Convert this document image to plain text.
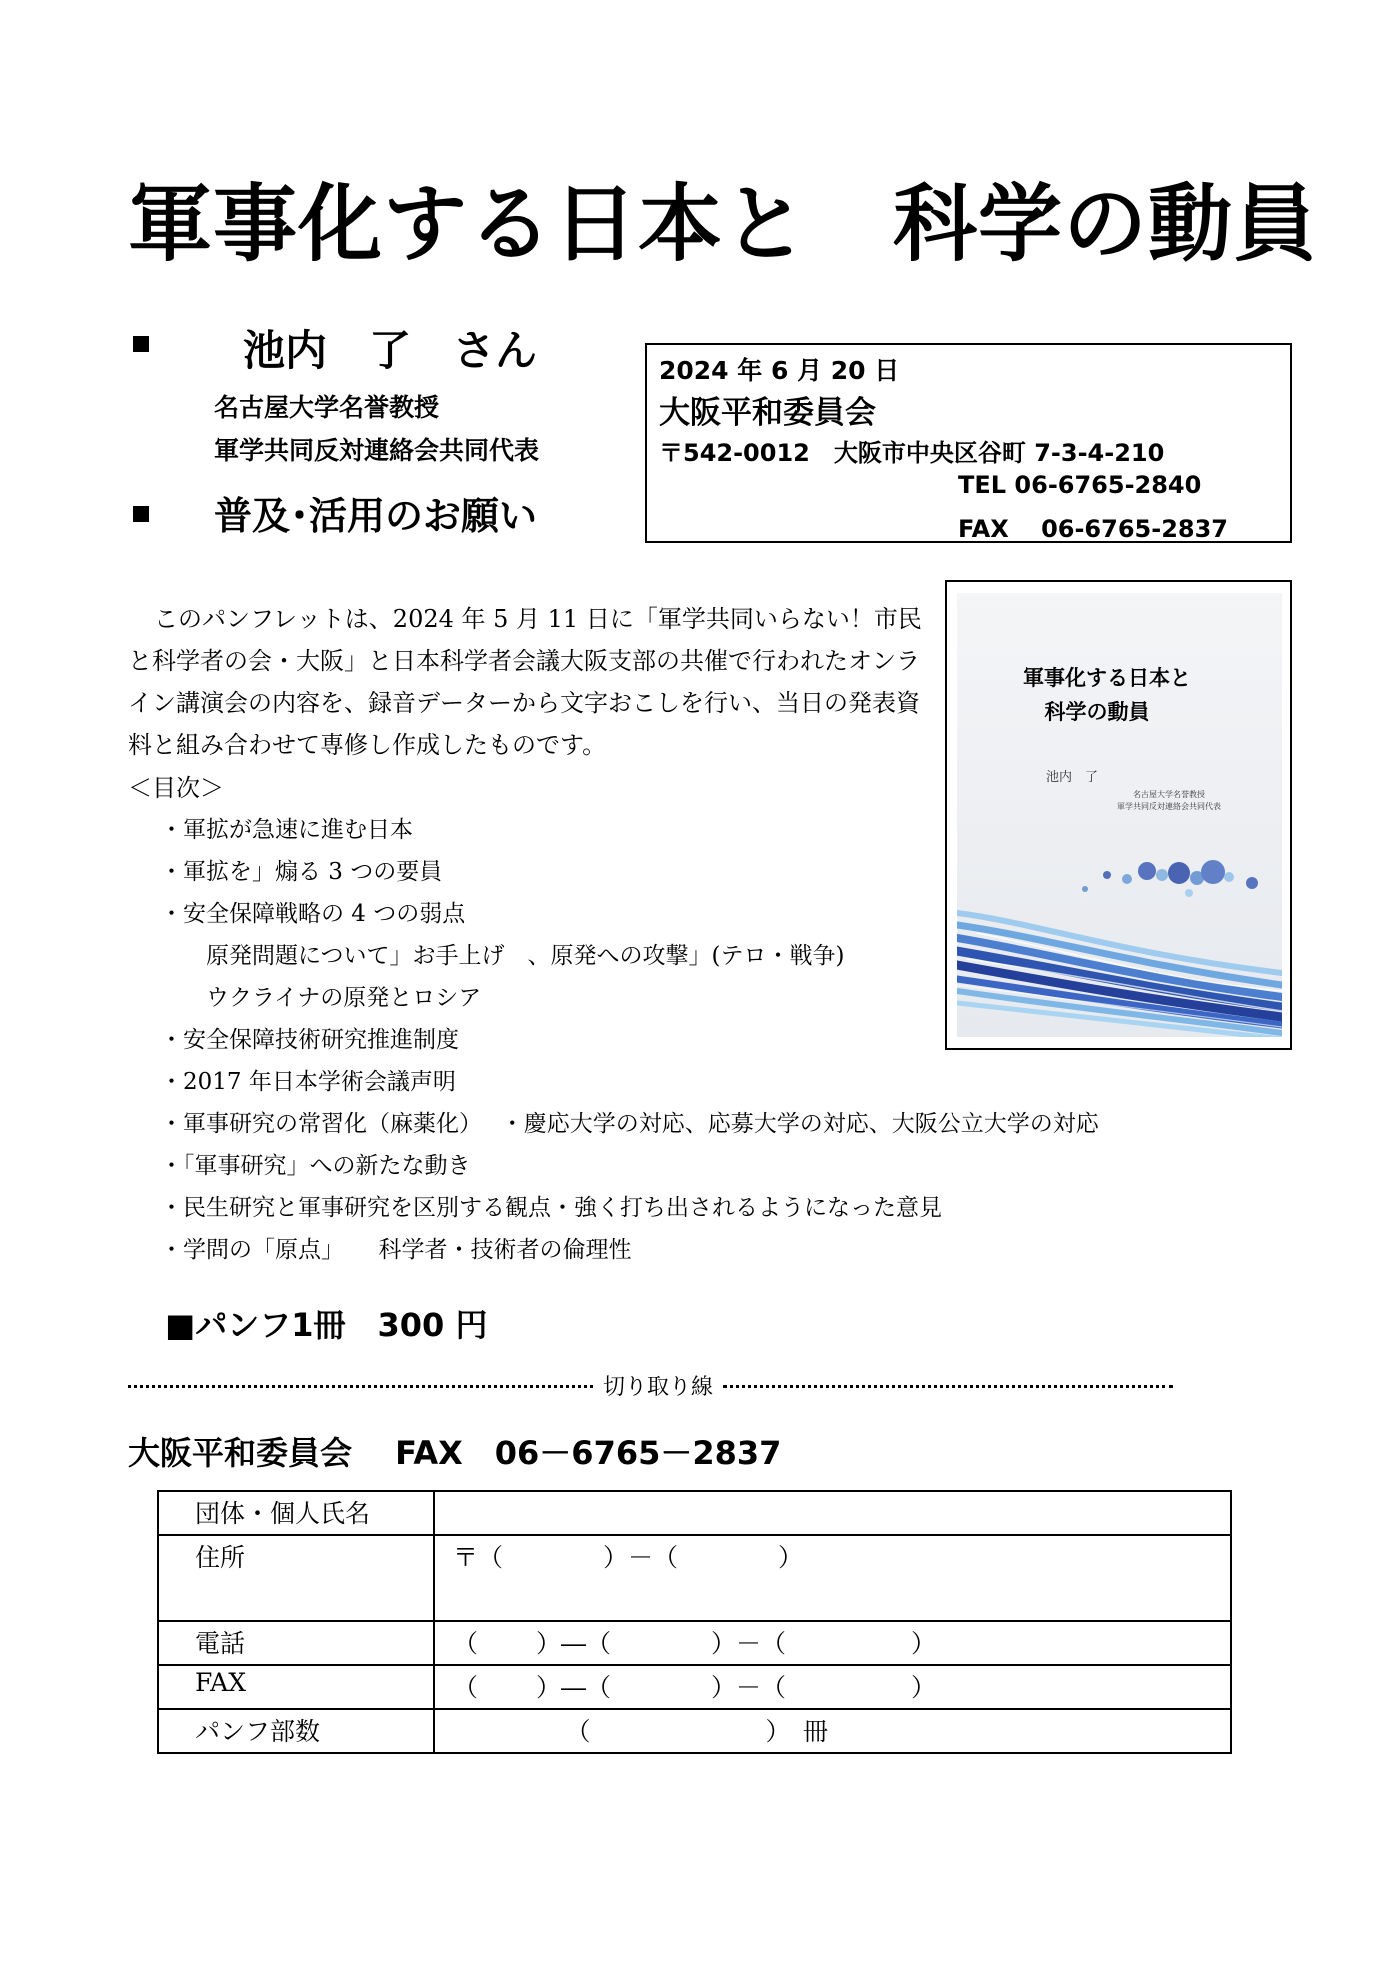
軍事化する日本と　科学の動員
池内　了　さん
名古屋大学名誉教授
軍学共同反対連絡会共同代表
普及･活用のお願い
2024 年 6 月 20 日
大阪平和委員会
〒542-0012　大阪市中央区谷町 7-3-4-210
TEL 06-6765-2840
FAX　 06-6765-2837

このパンフレットは、2024 年 5 月 11 日に「軍学共同いらない！市民と科学者の会・大阪」と日本科学者会議大阪支部の共催で行われたオンライン講演会の内容を、録音データーから文字おこしを行い、当日の発表資料と組み合わせて専修し作成したものです。

＜目次＞
・軍拡が急速に進む日本
・軍拡を」煽る 3 つの要員
・安全保障戦略の 4 つの弱点
　　原発問題について」お手上げ　、原発への攻撃」(テロ・戦争)
　　ウクライナの原発とロシア
・安全保障技術研究推進制度
・2017 年日本学術会議声明
・軍事研究の常習化（麻薬化）　 ・慶応大学の対応、応募大学の対応、大阪公立大学の対応
・「軍事研究」への新たな動き
・民生研究と軍事研究を区別する観点・強く打ち出されるようになった意見
・学問の「原点」　　科学者・技術者の倫理性
軍事化する日本と
科学の動員
池内　了
名古屋大学名誉教授
軍学共同反対連絡会共同代表
■パンフ1冊　300 円
切り取り線
大阪平和委員会　 FAX　06－6765－2837
団体・個人氏名	
住所	〒（　　　　）－（　　　　）
電話	（　　 ）―（　　　　）－（　　　　　）
FAX	（　　 ）―（　　　　）－（　　　　　）
パンフ部数	　　　　　（　　　　　　　）　冊
